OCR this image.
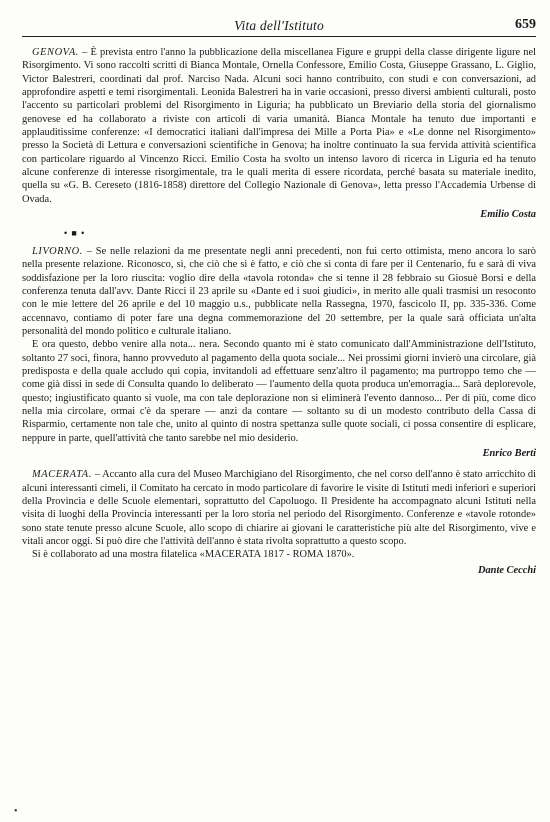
Vita dell'Istituto	659

GENOVA. – È prevista entro l'anno la pubblicazione della miscellanea Figure e gruppi della classe dirigente ligure nel Risorgimento. Vi sono raccolti scritti di Bianca Montale, Ornella Confessore, Emilio Costa, Giuseppe Grassano, L. Giglio, Victor Balestreri, coordinati dal prof. Narciso Nada. Alcuni soci hanno contribuito, con studi e con conversazioni, ad approfondire aspetti e temi risorgimentali. Leonida Balestreri ha in varie occasioni, presso diversi ambienti culturali, posto l'accento su particolari problemi del Risorgimento in Liguria; ha pubblicato un Breviario della storia del giornalismo genovese ed ha collaborato a riviste con articoli di varia umanità. Bianca Montale ha tenuto due importanti e applauditissime conferenze: «I democratici italiani dall'impresa dei Mille a Porta Pia» e «Le donne nel Risorgimento» presso la Società di Lettura e conversazioni scientifiche in Genova; ha inoltre continuato la sua fervida attività scientifica con particolare riguardo al Vincenzo Ricci. Emilio Costa ha svolto un intenso lavoro di ricerca in Liguria ed ha tenuto alcune conferenze di interesse risorgimentale, tra le quali merita di essere ricordata, perché basata su materiale inedito, quella su «G. B. Cereseto (1816-1858) direttore del Collegio Nazionale di Genova», letta presso l'Accademia Urbense di Ovada.

Emilio Costa

• ■ •

LIVORNO. – Se nelle relazioni da me presentate negli anni precedenti, non fui certo ottimista, meno ancora lo sarò nella presente relazione. Riconosco, sì, che ciò che si è fatto, e ciò che si conta di fare per il Centenario, fu e sarà di viva soddisfazione per la loro riuscita: voglio dire della «tavola rotonda» che si tenne il 28 febbraio su Giosuè Borsi e della conferenza tenuta dall'avv. Dante Ricci il 23 aprile su «Dante ed i suoi giudici», in merito alle quali trasmisi un resoconto con le mie lettere del 26 aprile e del 10 maggio u.s., pubblicate nella Rassegna, 1970, fascicolo II, pp. 335-336. Come accennavo, contiamo di poter fare una degna commemorazione del 20 settembre, per la quale sarà officiata un'alta personalità del mondo politico e culturale italiano.

E ora questo, debbo venire alla nota... nera. Secondo quanto mi è stato comunicato dall'Amministrazione dell'Istituto, soltanto 27 soci, finora, hanno provveduto al pagamento della quota sociale... Nei prossimi giorni invierò una circolare, già predisposta e della quale accludo qui copia, invitandoli ad effettuare senz'altro il pagamento; ma purtroppo temo che — come già dissi in sede di Consulta quando lo deliberato — l'aumento della quota produca un'emorragia... Sarà deplorevole, questo; ingiustificato quanto si vuole, ma con tale deplorazione non si eliminerà l'evento dannoso... Per di più, come dico nella mia circolare, ormai c'è da sperare — anzi da contare — soltanto su di un modesto contributo della Cassa di Risparmio, certamente non tale che, unito al quinto di nostra spettanza sulle quote sociali, ci possa consentire di esplicare, neppure in parte, quell'attività che tanto sarebbe nel mio desiderio.

Enrico Berti

MACERATA. – Accanto alla cura del Museo Marchigiano del Risorgimento, che nel corso dell'anno è stato arricchito di alcuni interessanti cimeli, il Comitato ha cercato in modo particolare di favorire le visite di Istituti medi inferiori e superiori della Provincia e delle Scuole elementari, soprattutto del Capoluogo. Il Presidente ha accompagnato alcuni Istituti nella visita di luoghi della Provincia interessanti per la loro storia nel periodo del Risorgimento. Conferenze e «tavole rotonde» sono state tenute presso alcune Scuole, allo scopo di chiarire ai giovani le caratteristiche più alte del Risorgimento, vive e vitali ancor oggi. Si può dire che l'attività dell'anno è stata rivolta soprattutto a questo scopo.

Si è collaborato ad una mostra filatelica «MACERATA 1817 - ROMA 1870».

Dante Cecchi

•
